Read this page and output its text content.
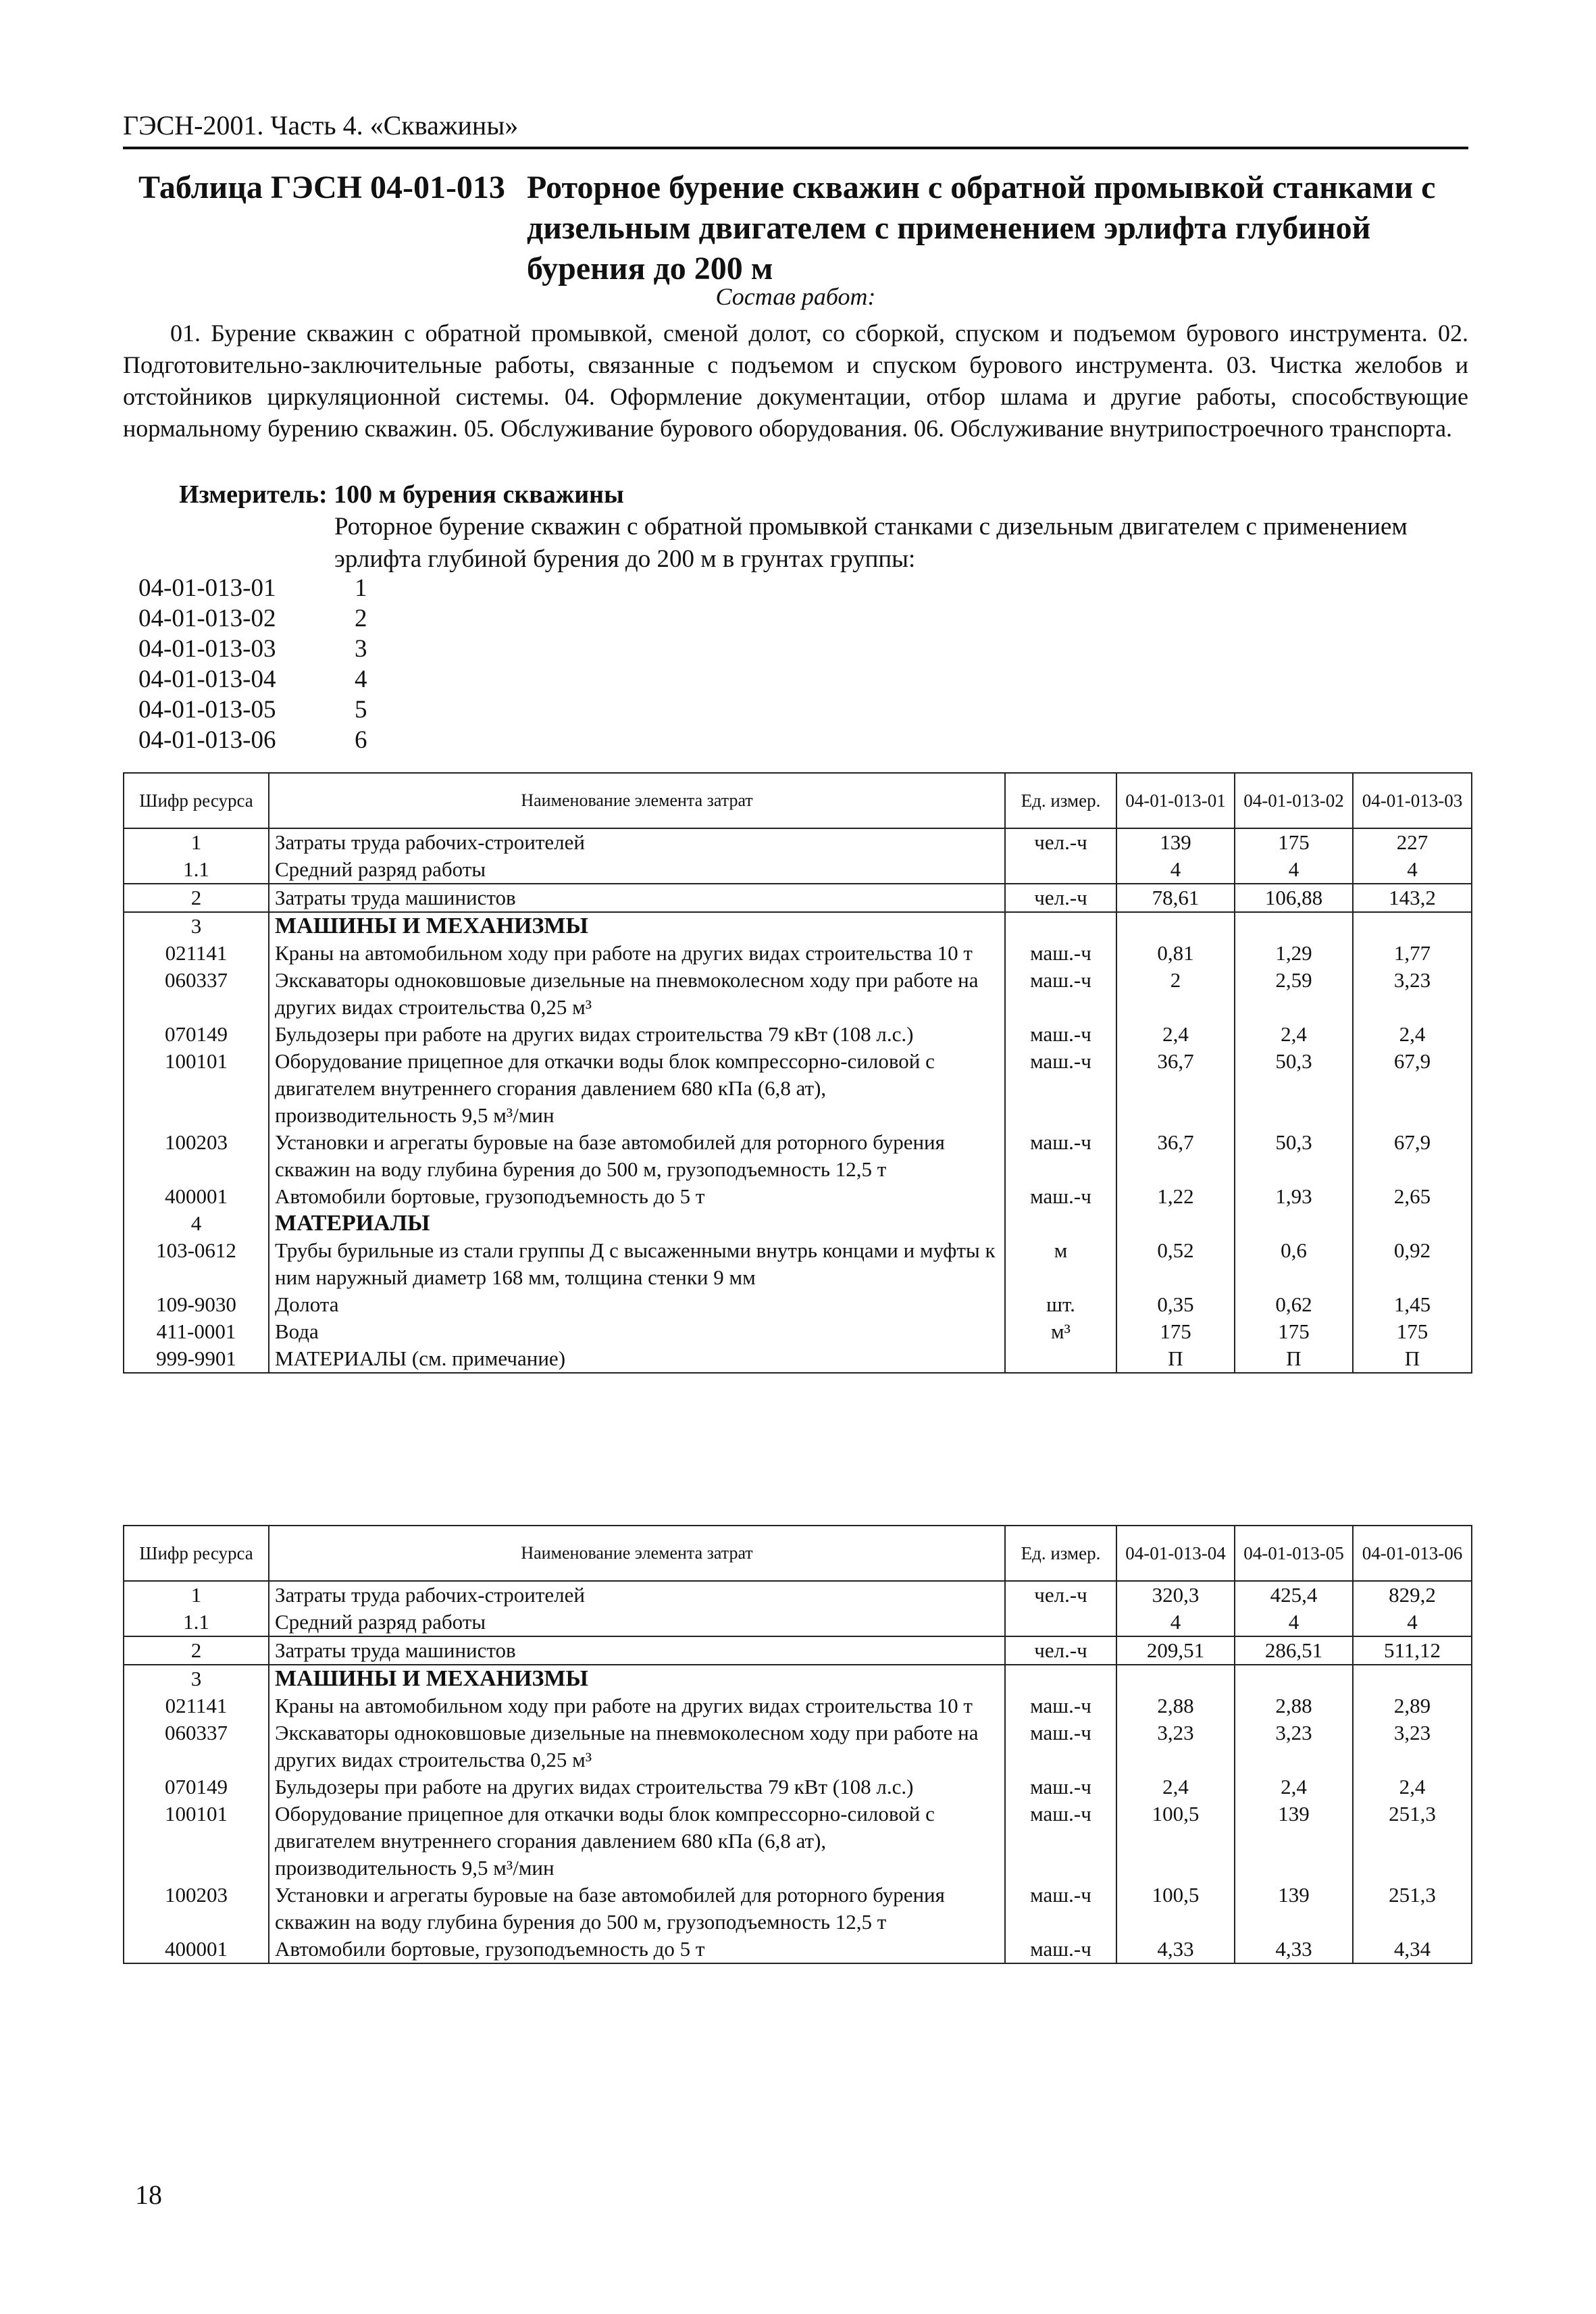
ГЭСН-2001. Часть 4. «Скважины»
Таблица ГЭСН 04-01-013 Роторное бурение скважин с обратной промывкой станками с дизельным двигателем с применением эрлифта глубиной бурения до 200 м
Состав работ:
01. Бурение скважин с обратной промывкой, сменой долот, со сборкой, спуском и подъемом бурового инструмента. 02. Подготовительно-заключительные работы, связанные с подъемом и спуском бурового инструмента. 03. Чистка желобов и отстойников циркуляционной системы. 04. Оформление документации, отбор шлама и другие работы, способствующие нормальному бурению скважин. 05. Обслуживание бурового оборудования. 06. Обслуживание внутрипостроечного транспорта.
Измеритель: 100 м бурения скважины
Роторное бурение скважин с обратной промывкой станками с дизельным двигателем с применением эрлифта глубиной бурения до 200 м в грунтах группы:
04-01-013-01	1
04-01-013-02	2
04-01-013-03	3
04-01-013-04	4
04-01-013-05	5
04-01-013-06	6
Шифр ресурса	Наименование элемента затрат	Ед. измер.	04-01-013-01	04-01-013-02	04-01-013-03
1	Затраты труда рабочих-строителей	чел.-ч	139	175	227
1.1	Средний разряд работы		4	4	4
2	Затраты труда машинистов	чел.-ч	78,61	106,88	143,2
3	МАШИНЫ И МЕХАНИЗМЫ				
021141	Краны на автомобильном ходу при работе на других видах строительства 10 т	маш.-ч	0,81	1,29	1,77
060337	Экскаваторы одноковшовые дизельные на пневмоколесном ходу при работе на других видах строительства 0,25 м³	маш.-ч	2	2,59	3,23
070149	Бульдозеры при работе на других видах строительства 79 кВт (108 л.с.)	маш.-ч	2,4	2,4	2,4
100101	Оборудование прицепное для откачки воды блок компрессорно-силовой с двигателем внутреннего сгорания давлением 680 кПа (6,8 ат), производительность 9,5 м³/мин	маш.-ч	36,7	50,3	67,9
100203	Установки и агрегаты буровые на базе автомобилей для роторного бурения скважин на воду глубина бурения до 500 м, грузоподъемность 12,5 т	маш.-ч	36,7	50,3	67,9
400001	Автомобили бортовые, грузоподъемность до 5 т	маш.-ч	1,22	1,93	2,65
4	МАТЕРИАЛЫ				
103-0612	Трубы бурильные из стали группы Д с высаженными внутрь концами и муфты к ним наружный диаметр 168 мм, толщина стенки 9 мм	м	0,52	0,6	0,92
109-9030	Долота	шт.	0,35	0,62	1,45
411-0001	Вода	м³	175	175	175
999-9901	МАТЕРИАЛЫ (см. примечание)		П	П	П
Шифр ресурса	Наименование элемента затрат	Ед. измер.	04-01-013-04	04-01-013-05	04-01-013-06
1	Затраты труда рабочих-строителей	чел.-ч	320,3	425,4	829,2
1.1	Средний разряд работы		4	4	4
2	Затраты труда машинистов	чел.-ч	209,51	286,51	511,12
3	МАШИНЫ И МЕХАНИЗМЫ				
021141	Краны на автомобильном ходу при работе на других видах строительства 10 т	маш.-ч	2,88	2,88	2,89
060337	Экскаваторы одноковшовые дизельные на пневмоколесном ходу при работе на других видах строительства 0,25 м³	маш.-ч	3,23	3,23	3,23
070149	Бульдозеры при работе на других видах строительства 79 кВт (108 л.с.)	маш.-ч	2,4	2,4	2,4
100101	Оборудование прицепное для откачки воды блок компрессорно-силовой с двигателем внутреннего сгорания давлением 680 кПа (6,8 ат), производительность 9,5 м³/мин	маш.-ч	100,5	139	251,3
100203	Установки и агрегаты буровые на базе автомобилей для роторного бурения скважин на воду глубина бурения до 500 м, грузоподъемность 12,5 т	маш.-ч	100,5	139	251,3
400001	Автомобили бортовые, грузоподъемность до 5 т	маш.-ч	4,33	4,33	4,34
18
